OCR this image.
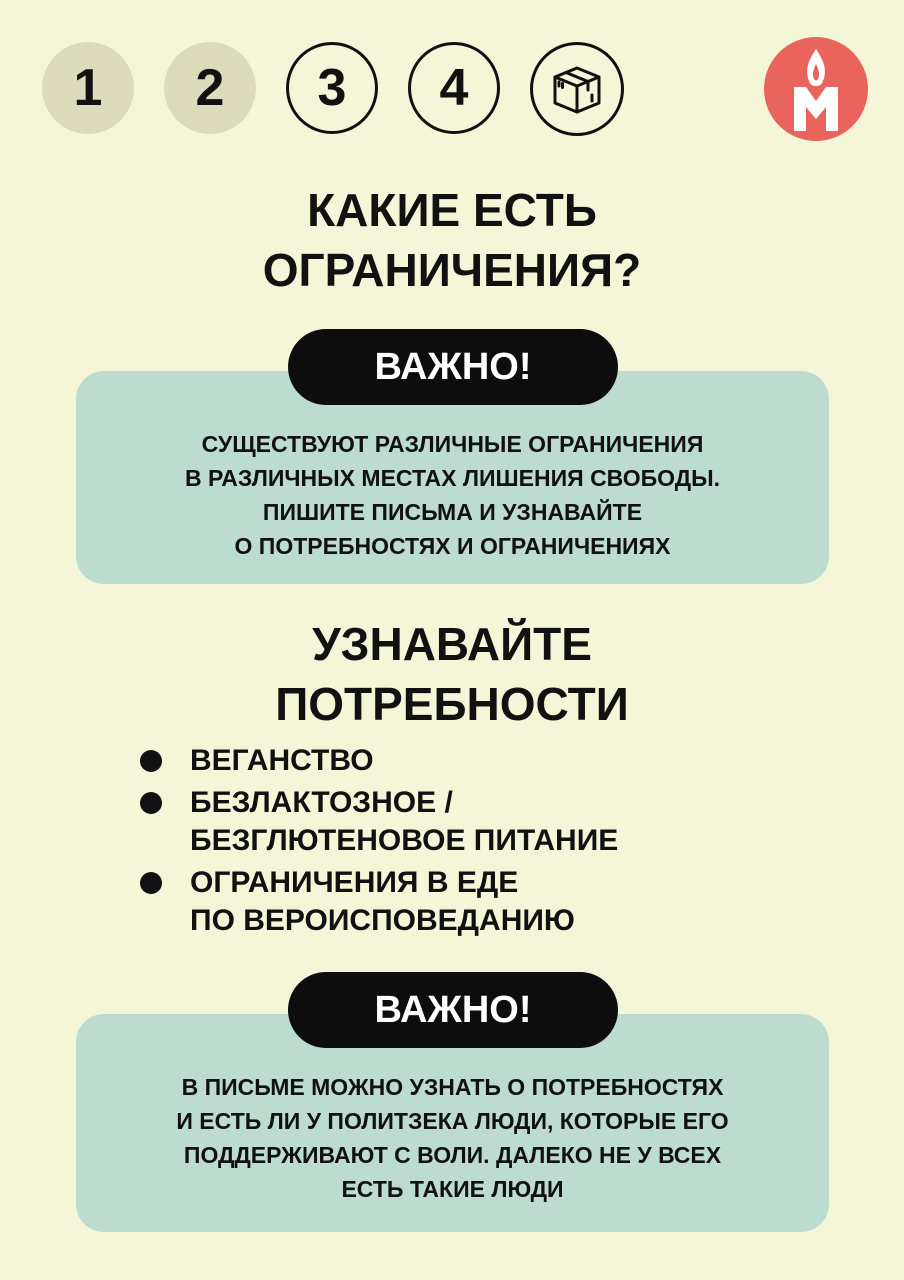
1	2	3	4
КАКИЕ ЕСТЬ
ОГРАНИЧЕНИЯ?
СУЩЕСТВУЮТ РАЗЛИЧНЫЕ ОГРАНИЧЕНИЯ
В РАЗЛИЧНЫХ МЕСТАХ ЛИШЕНИЯ СВОБОДЫ.
ПИШИТЕ ПИСЬМА И УЗНАВАЙТЕ
О ПОТРЕБНОСТЯХ И ОГРАНИЧЕНИЯХ
ВАЖНО!
УЗНАВАЙТЕ
ПОТРЕБНОСТИ
ВЕГАНСТВО
БЕЗЛАКТОЗНОЕ /
БЕЗГЛЮТЕНОВОЕ ПИТАНИЕ
ОГРАНИЧЕНИЯ В ЕДЕ
ПО ВЕРОИСПОВЕДАНИЮ
В ПИСЬМЕ МОЖНО УЗНАТЬ О ПОТРЕБНОСТЯХ
И ЕСТЬ ЛИ У ПОЛИТЗЕКА ЛЮДИ, КОТОРЫЕ ЕГО
ПОДДЕРЖИВАЮТ С ВОЛИ. ДАЛЕКО НЕ У ВСЕХ
ЕСТЬ ТАКИЕ ЛЮДИ
ВАЖНО!
